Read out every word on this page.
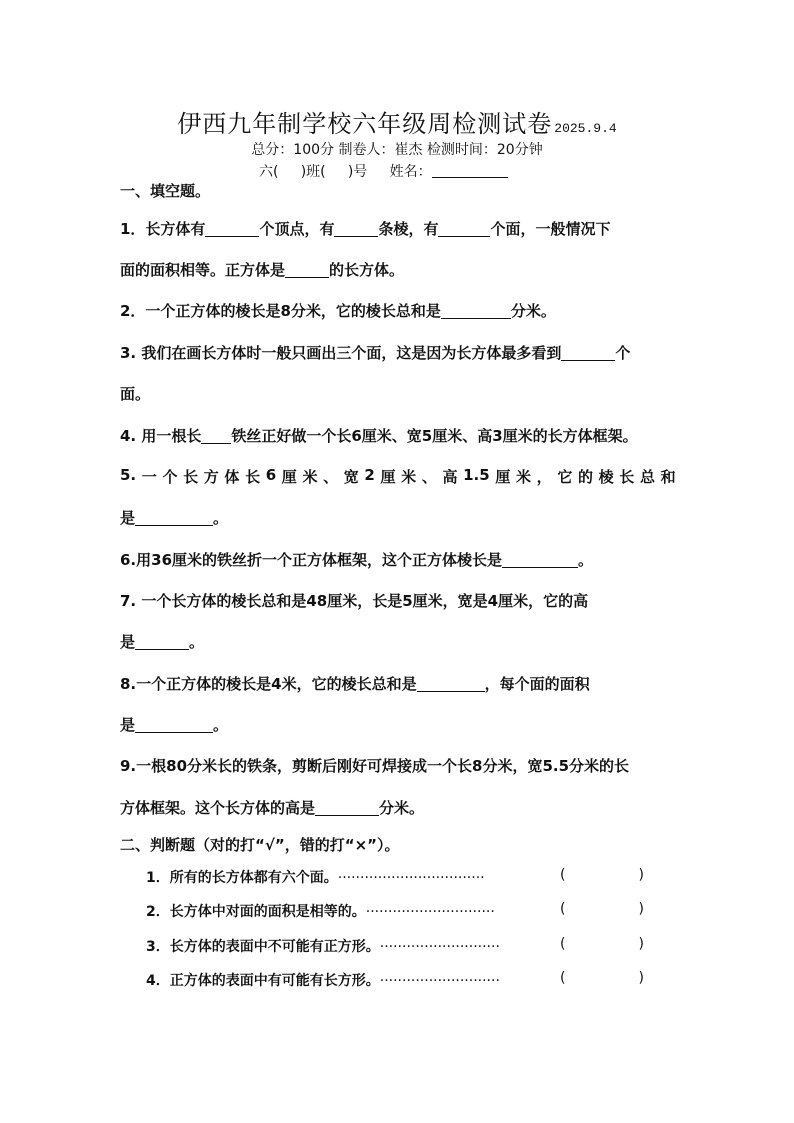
伊西九年制学校六年级周检测试卷 2025.9.4
总分：100分 制卷人：崔杰 检测时间：20分钟
六(     )班(     )号     姓名：
一、填空题。
1．长方体有	个顶点，有	条棱，有	个面，一般情况下
面的面积相等。正方体是	的长方体。
2．一个正方体的棱长是8分米，它的棱长总和是	分米。
3. 我们在画长方体时一般只画出三个面，这是因为长方体最多看到	个
面。
4. 用一根长 铁丝正好做一个长6厘米、宽5厘米、高3厘米的长方体框架。
5. 一 个 长 方 体 长 6 厘 米 、 宽 2 厘 米 、 高 1.5 厘 米 ， 它 的 棱 长 总 和
是	。
6.用36厘米的铁丝折一个正方体框架，这个正方体棱长是	。
7. 一个长方体的棱长总和是48厘米，长是5厘米，宽是4厘米，它的高
是	。
8.一个正方体的棱长是4米，它的棱长总和是	，每个面的面积
是	。
9.一根80分米长的铁条，剪断后刚好可焊接成一个长8分米，宽5.5分米的长
方体框架。这个长方体的高是	分米。
二、判断题（对的打“√”，错的打“×”）。
1．所有的长方体都有六个面。·································	(	)
2．长方体中对面的面积是相等的。·····························	(	)
3．长方体的表面中不可能有正方形。···························	(	)
4．正方体的表面中有可能有长方形。···························	(	)
